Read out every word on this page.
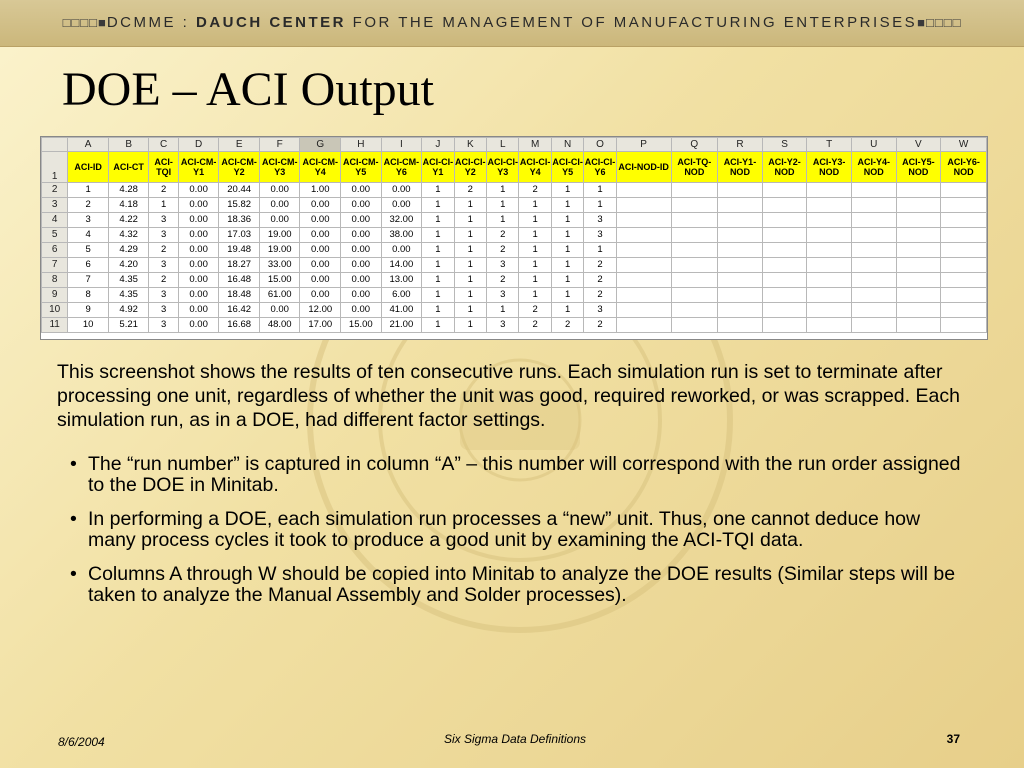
□□□□■DCMME : DAUCH CENTER FOR THE MANAGEMENT OF MANUFACTURING ENTERPRISES■□□□□
DOE – ACI Output
	A	B	C	D	E	F	G	H	I	J	K	L	M	N	O	P	Q	R	S	T	U	V	W
1	ACI-ID	ACI-CT	ACI-TQI	ACI-CM-Y1	ACI-CM-Y2	ACI-CM-Y3	ACI-CM-Y4	ACI-CM-Y5	ACI-CM-Y6	ACI-CI-Y1	ACI-CI-Y2	ACI-CI-Y3	ACI-CI-Y4	ACI-CI-Y5	ACI-CI-Y6	ACI-NOD-ID	ACI-TQ-NOD	ACI-Y1-NOD	ACI-Y2-NOD	ACI-Y3-NOD	ACI-Y4-NOD	ACI-Y5-NOD	ACI-Y6-NOD
2	1	4.28	2	0.00	20.44	0.00	1.00	0.00	0.00	1	2	1	2	1	1								
3	2	4.18	1	0.00	15.82	0.00	0.00	0.00	0.00	1	1	1	1	1	1								
4	3	4.22	3	0.00	18.36	0.00	0.00	0.00	32.00	1	1	1	1	1	3								
5	4	4.32	3	0.00	17.03	19.00	0.00	0.00	38.00	1	1	2	1	1	3								
6	5	4.29	2	0.00	19.48	19.00	0.00	0.00	0.00	1	1	2	1	1	1								
7	6	4.20	3	0.00	18.27	33.00	0.00	0.00	14.00	1	1	3	1	1	2								
8	7	4.35	2	0.00	16.48	15.00	0.00	0.00	13.00	1	1	2	1	1	2								
9	8	4.35	3	0.00	18.48	61.00	0.00	0.00	6.00	1	1	3	1	1	2								
10	9	4.92	3	0.00	16.42	0.00	12.00	0.00	41.00	1	1	1	2	1	3								
11	10	5.21	3	0.00	16.68	48.00	17.00	15.00	21.00	1	1	3	2	2	2								
This screenshot shows the results of ten consecutive runs. Each simulation run is set to terminate after processing one unit, regardless of whether the unit was good, required reworked, or was scrapped. Each simulation run, as in a DOE, had different factor settings.
• The “run number” is captured in column “A” – this number will correspond with the run order assigned to the DOE in Minitab.
• In performing a DOE, each simulation run processes a “new” unit. Thus, one cannot deduce how many process cycles it took to produce a good unit by examining the ACI-TQI data.
• Columns A through W should be copied into Minitab to analyze the DOE results (Similar steps will be taken to analyze the Manual Assembly and Solder processes).
8/6/2004	Six Sigma Data Definitions	37
